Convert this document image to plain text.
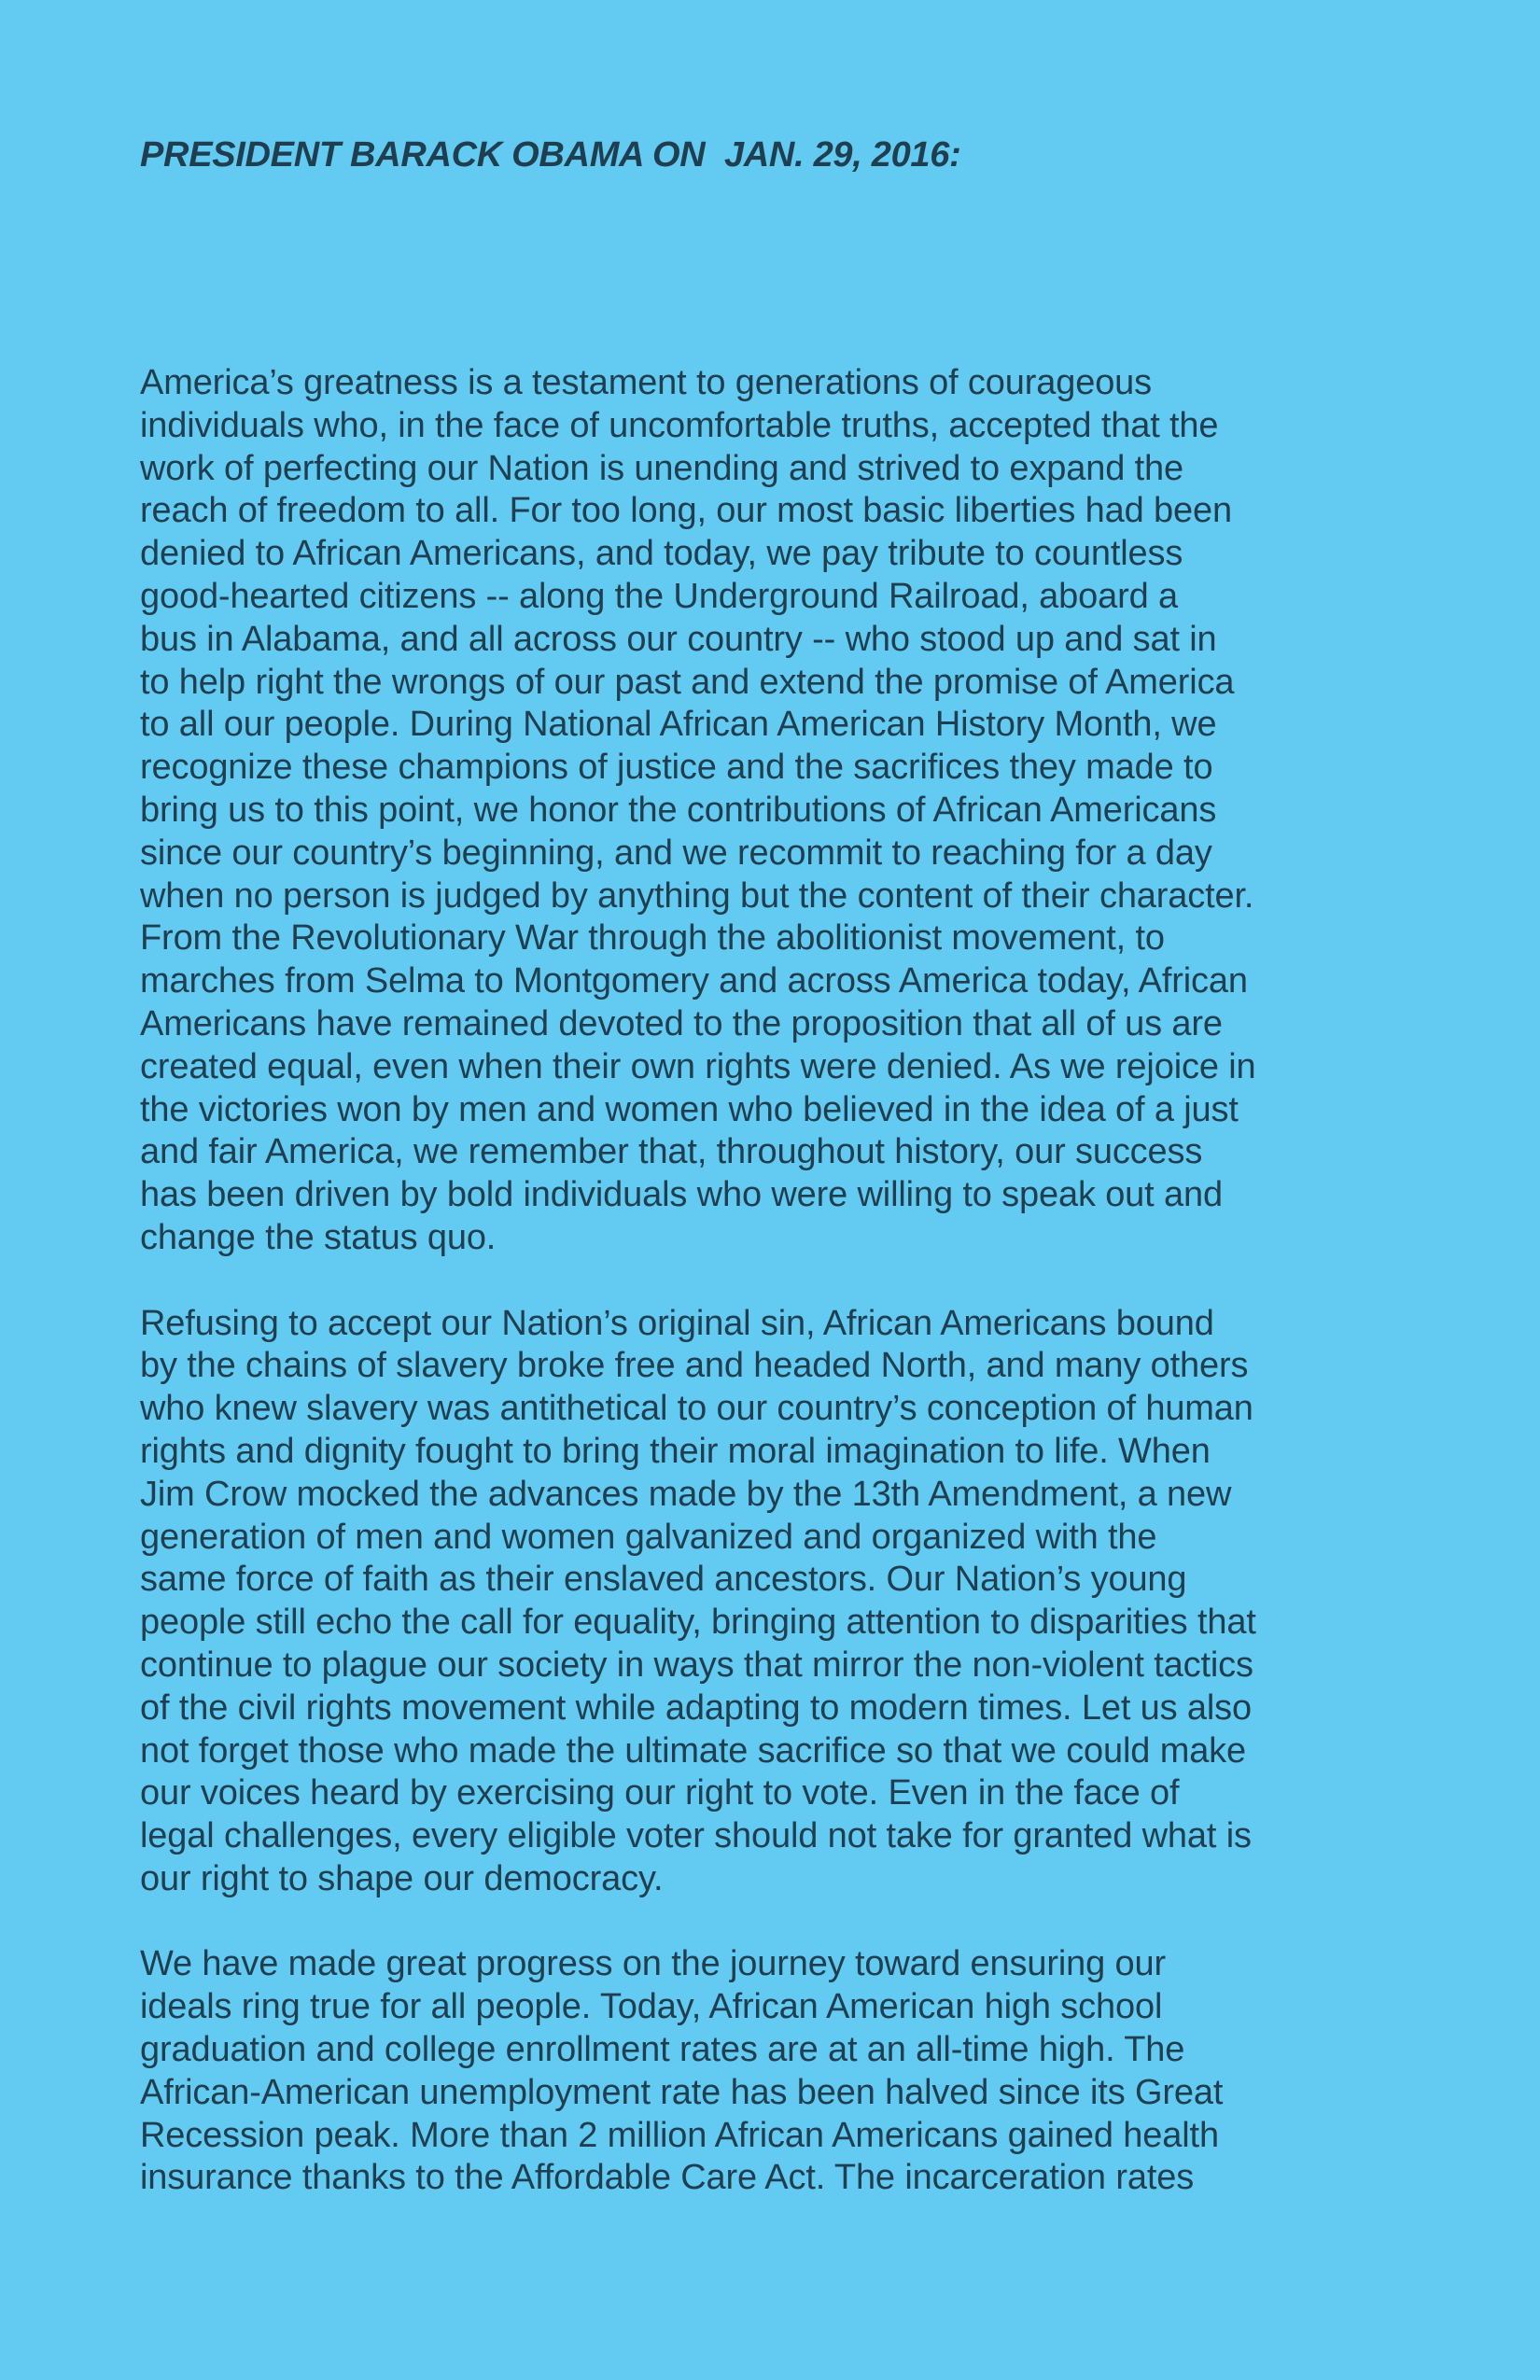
PRESIDENT BARACK OBAMA ON  JAN. 29, 2016:

America’s greatness is a testament to generations of courageous
individuals who, in the face of uncomfortable truths, accepted that the
work of perfecting our Nation is unending and strived to expand the
reach of freedom to all. For too long, our most basic liberties had been
denied to African Americans, and today, we pay tribute to countless
good-hearted citizens -- along the Underground Railroad, aboard a
bus in Alabama, and all across our country -- who stood up and sat in
to help right the wrongs of our past and extend the promise of America
to all our people. During National African American History Month, we
recognize these champions of justice and the sacrifices they made to
bring us to this point, we honor the contributions of African Americans
since our country’s beginning, and we recommit to reaching for a day
when no person is judged by anything but the content of their character.
From the Revolutionary War through the abolitionist movement, to
marches from Selma to Montgomery and across America today, African
Americans have remained devoted to the proposition that all of us are
created equal, even when their own rights were denied. As we rejoice in
the victories won by men and women who believed in the idea of a just
and fair America, we remember that, throughout history, our success
has been driven by bold individuals who were willing to speak out and
change the status quo.

Refusing to accept our Nation’s original sin, African Americans bound
by the chains of slavery broke free and headed North, and many others
who knew slavery was antithetical to our country’s conception of human
rights and dignity fought to bring their moral imagination to life. When
Jim Crow mocked the advances made by the 13th Amendment, a new
generation of men and women galvanized and organized with the
same force of faith as their enslaved ancestors. Our Nation’s young
people still echo the call for equality, bringing attention to disparities that
continue to plague our society in ways that mirror the non-violent tactics
of the civil rights movement while adapting to modern times. Let us also
not forget those who made the ultimate sacrifice so that we could make
our voices heard by exercising our right to vote. Even in the face of
legal challenges, every eligible voter should not take for granted what is
our right to shape our democracy.

We have made great progress on the journey toward ensuring our
ideals ring true for all people. Today, African American high school
graduation and college enrollment rates are at an all-time high. The
African-American unemployment rate has been halved since its Great
Recession peak. More than 2 million African Americans gained health
insurance thanks to the Affordable Care Act. The incarceration rates
